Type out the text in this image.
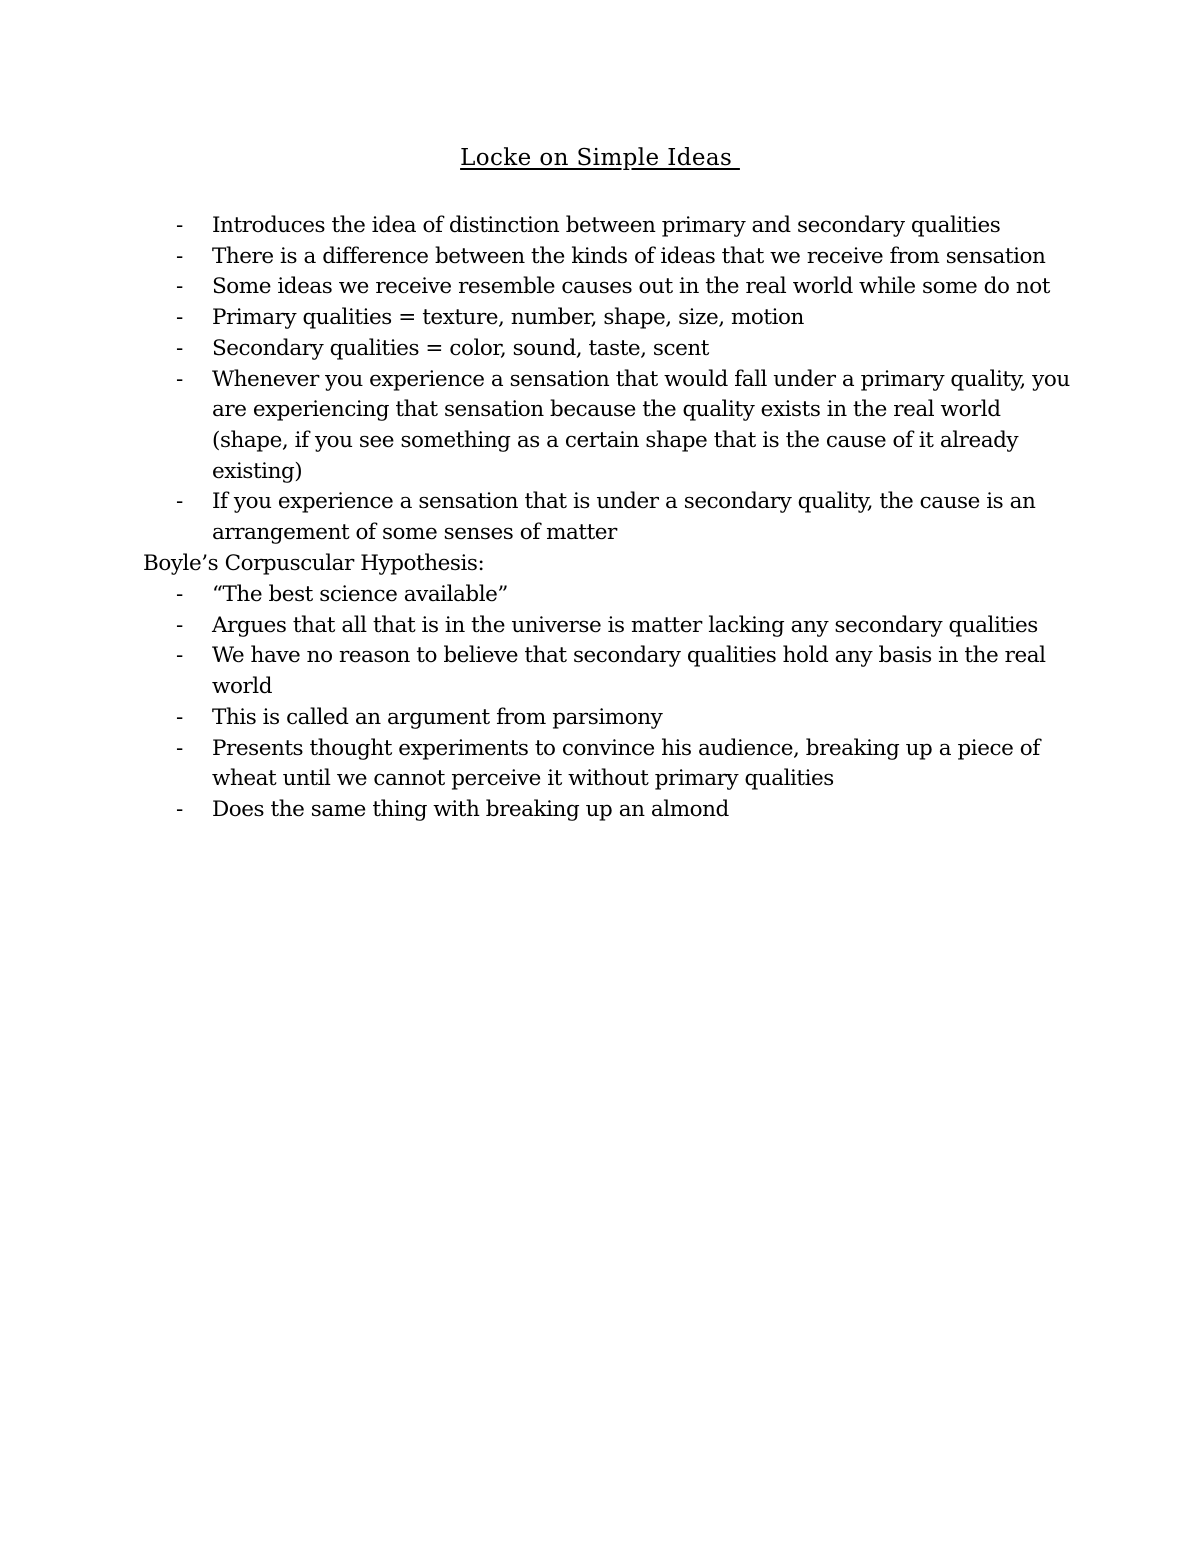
Locke on Simple Ideas
- Introduces the idea of distinction between primary and secondary qualities
- There is a difference between the kinds of ideas that we receive from sensation
- Some ideas we receive resemble causes out in the real world while some do not
- Primary qualities = texture, number, shape, size, motion
- Secondary qualities = color, sound, taste, scent
- Whenever you experience a sensation that would fall under a primary quality, you are experiencing that sensation because the quality exists in the real world (shape, if you see something as a certain shape that is the cause of it already existing)
- If you experience a sensation that is under a secondary quality, the cause is an arrangement of some senses of matter
Boyle’s Corpuscular Hypothesis:
- “The best science available”
- Argues that all that is in the universe is matter lacking any secondary qualities
- We have no reason to believe that secondary qualities hold any basis in the real world
- This is called an argument from parsimony
- Presents thought experiments to convince his audience, breaking up a piece of wheat until we cannot perceive it without primary qualities
- Does the same thing with breaking up an almond
